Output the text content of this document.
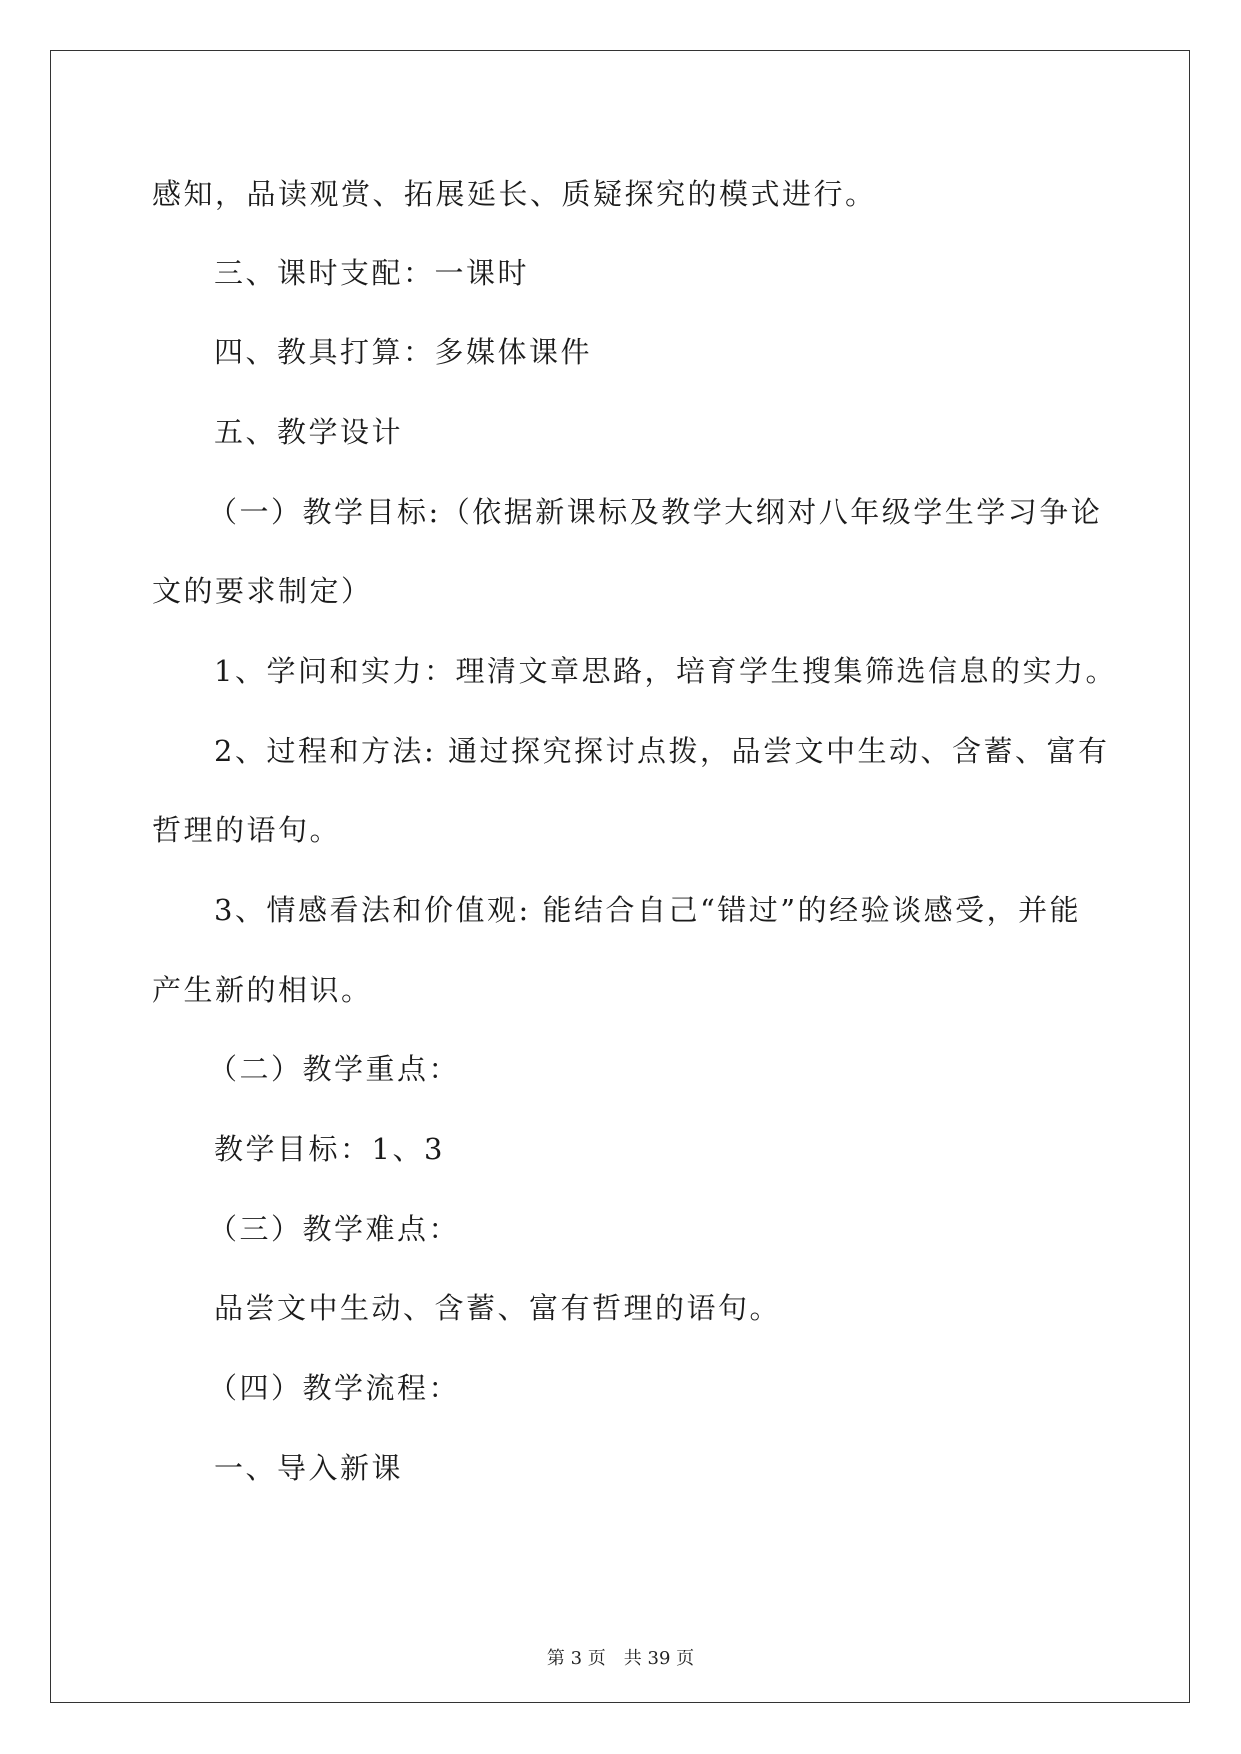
感知，品读观赏、拓展延长、质疑探究的模式进行。
三、课时支配：一课时
四、教具打算：多媒体课件
五、教学设计
（一）教学目标:（依据新课标及教学大纲对八年级学生学习争论
文的要求制定）
1、学问和实力：理清文章思路，培育学生搜集筛选信息的实力。
2、过程和方法: 通过探究探讨点拨，品尝文中生动、含蓄、富有
哲理的语句。
3、情感看法和价值观: 能结合自己“错过”的经验谈感受，并能
产生新的相识。
（二）教学重点：
教学目标：1、3
（三）教学难点：
品尝文中生动、含蓄、富有哲理的语句。
（四）教学流程：
一、导入新课
第 3 页 共 39 页
